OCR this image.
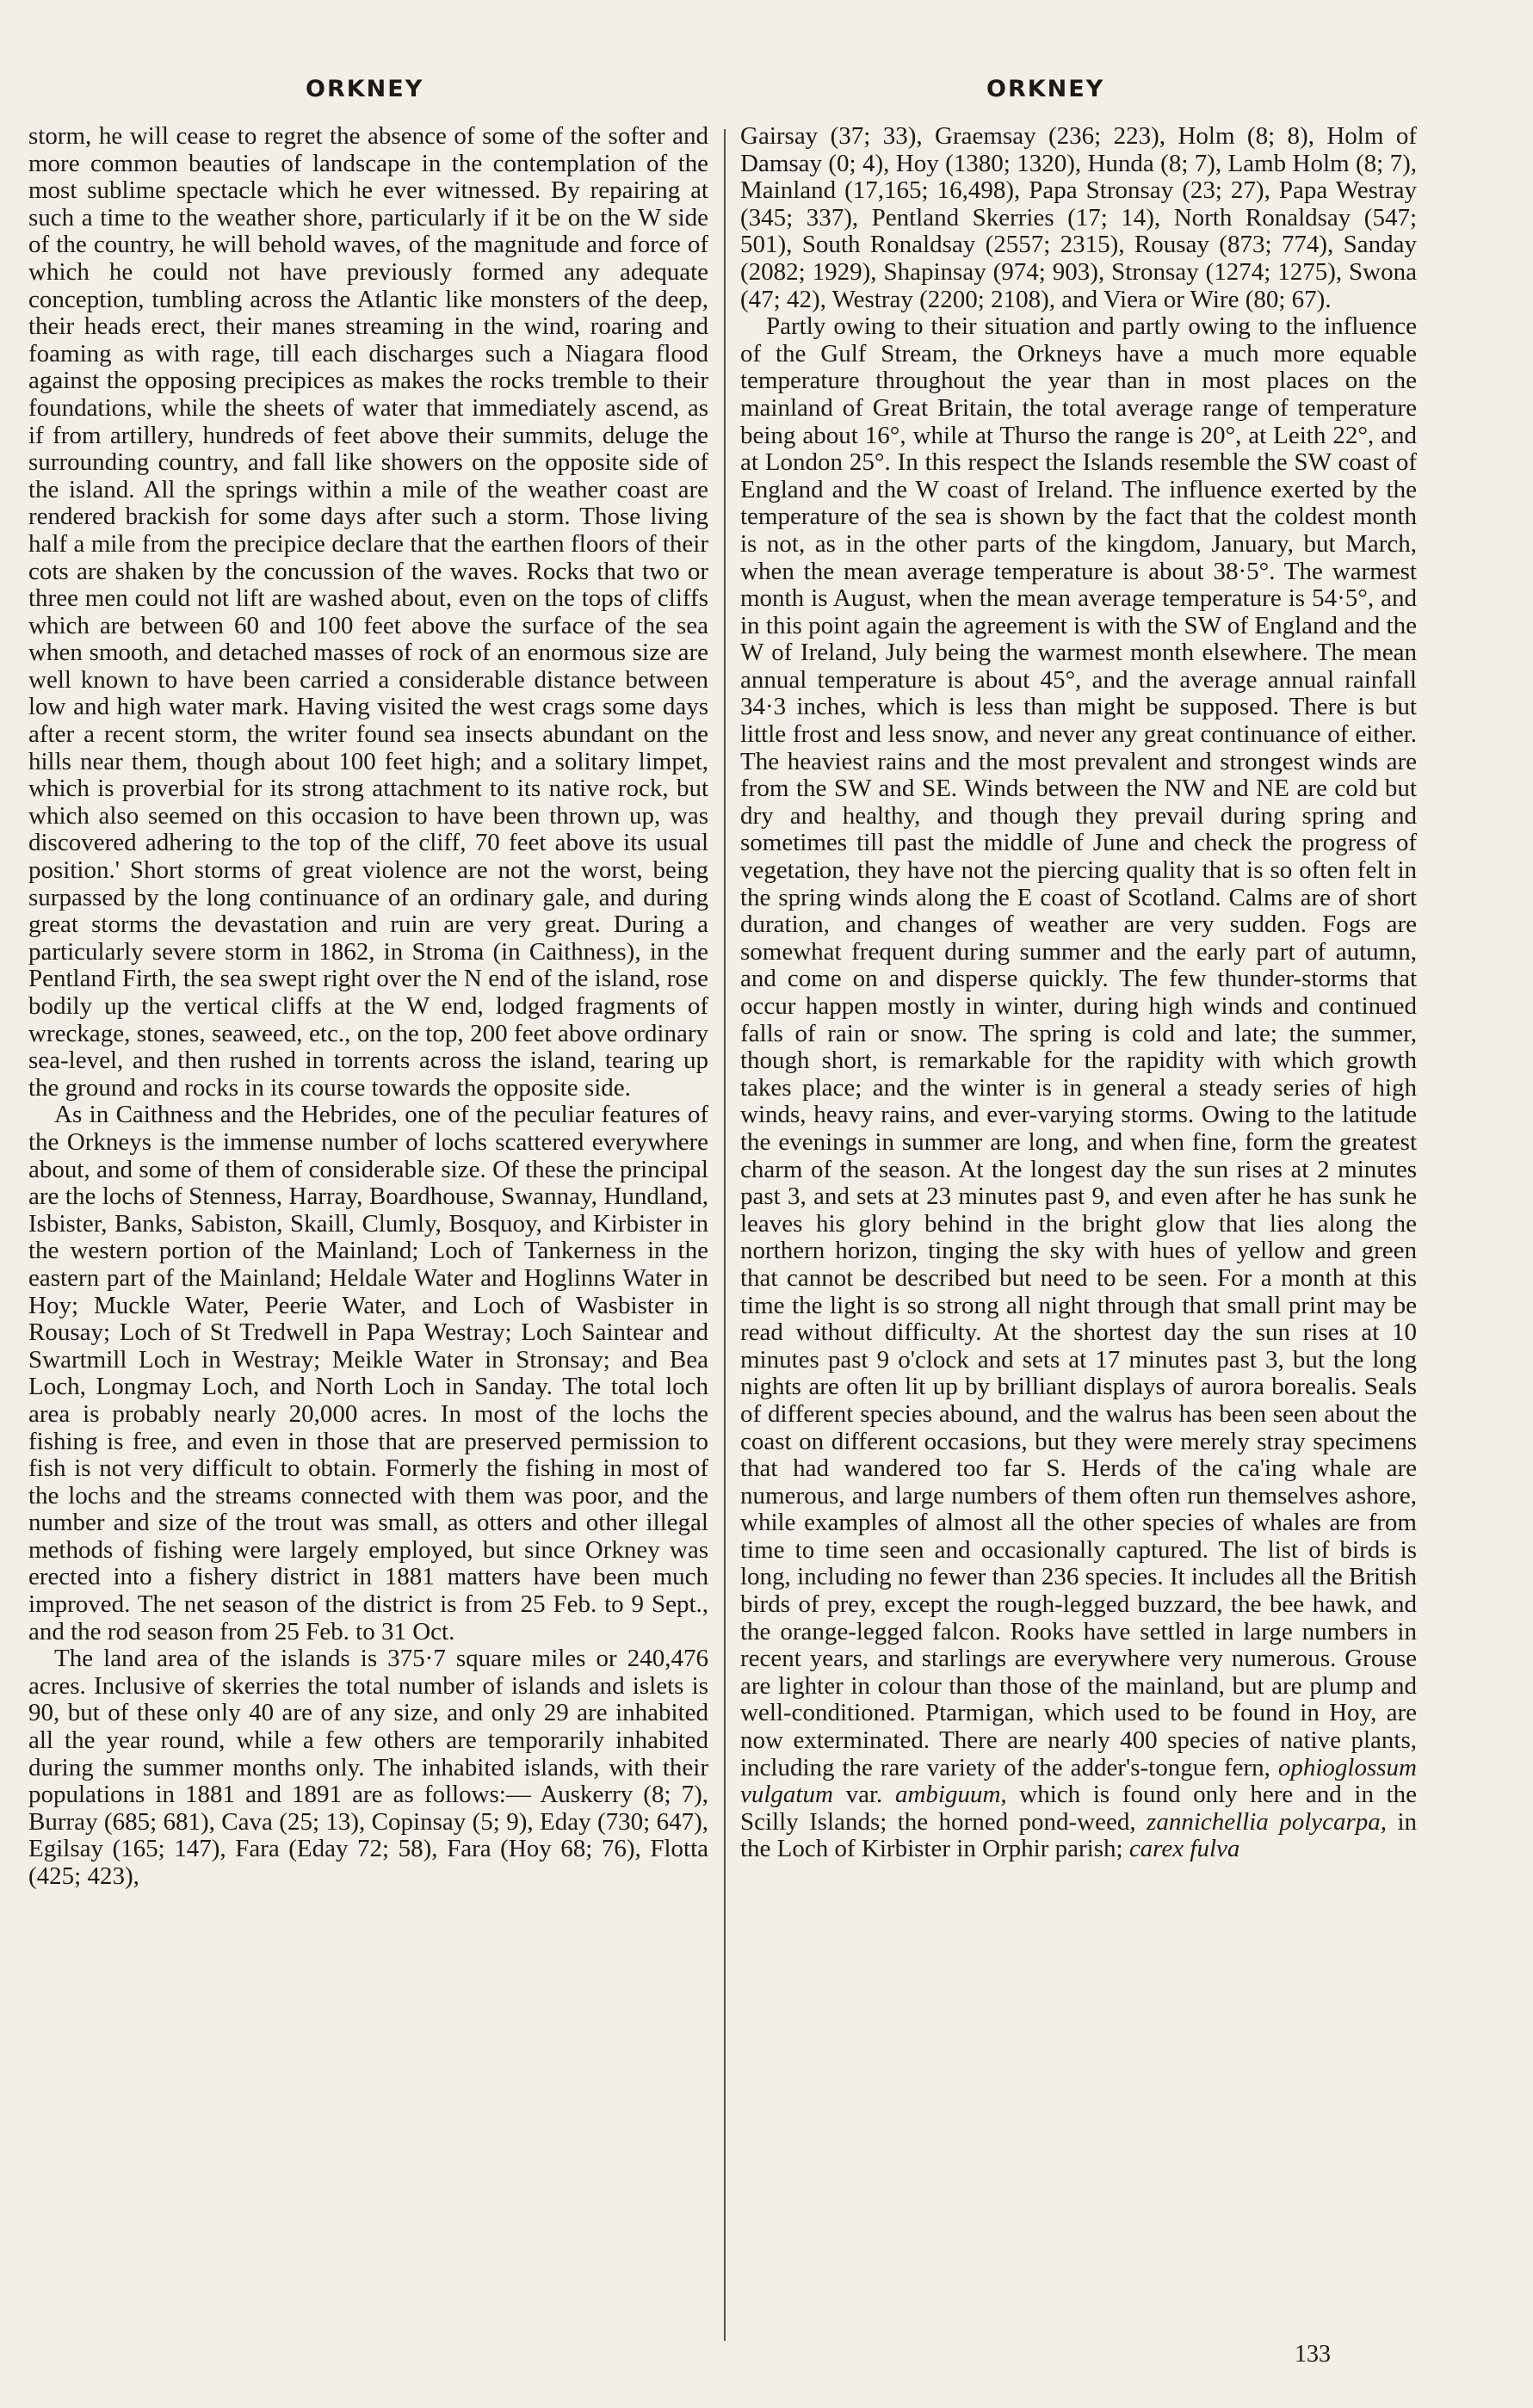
ORKNEY	ORKNEY

storm, he will cease to regret the absence of some of the softer and more common beauties of landscape in the contemplation of the most sublime spectacle which he ever witnessed. By repairing at such a time to the weather shore, particularly if it be on the W side of the country, he will behold waves, of the magnitude and force of which he could not have previously formed any adequate conception, tumbling across the Atlantic like monsters of the deep, their heads erect, their manes streaming in the wind, roaring and foaming as with rage, till each discharges such a Niagara flood against the opposing precipices as makes the rocks tremble to their foundations, while the sheets of water that immediately ascend, as if from artillery, hundreds of feet above their summits, deluge the surrounding country, and fall like showers on the opposite side of the island. All the springs within a mile of the weather coast are rendered brackish for some days after such a storm. Those living half a mile from the precipice declare that the earthen floors of their cots are shaken by the concussion of the waves. Rocks that two or three men could not lift are washed about, even on the tops of cliffs which are between 60 and 100 feet above the surface of the sea when smooth, and detached masses of rock of an enormous size are well known to have been carried a considerable distance between low and high water mark. Having visited the west crags some days after a recent storm, the writer found sea insects abundant on the hills near them, though about 100 feet high; and a solitary limpet, which is proverbial for its strong attachment to its native rock, but which also seemed on this occasion to have been thrown up, was discovered adhering to the top of the cliff, 70 feet above its usual position.' Short storms of great violence are not the worst, being surpassed by the long continuance of an ordinary gale, and during great storms the devastation and ruin are very great. During a particularly severe storm in 1862, in Stroma (in Caithness), in the Pentland Firth, the sea swept right over the N end of the island, rose bodily up the vertical cliffs at the W end, lodged fragments of wreckage, stones, seaweed, etc., on the top, 200 feet above ordinary sea-level, and then rushed in torrents across the island, tearing up the ground and rocks in its course towards the opposite side.

As in Caithness and the Hebrides, one of the peculiar features of the Orkneys is the immense number of lochs scattered everywhere about, and some of them of considerable size. Of these the principal are the lochs of Stenness, Harray, Boardhouse, Swannay, Hundland, Isbister, Banks, Sabiston, Skaill, Clumly, Bosquoy, and Kirbister in the western portion of the Mainland; Loch of Tankerness in the eastern part of the Mainland; Heldale Water and Hoglinns Water in Hoy; Muckle Water, Peerie Water, and Loch of Wasbister in Rousay; Loch of St Tredwell in Papa Westray; Loch Saintear and Swartmill Loch in Westray; Meikle Water in Stronsay; and Bea Loch, Longmay Loch, and North Loch in Sanday. The total loch area is probably nearly 20,000 acres. In most of the lochs the fishing is free, and even in those that are preserved permission to fish is not very difficult to obtain. Formerly the fishing in most of the lochs and the streams connected with them was poor, and the number and size of the trout was small, as otters and other illegal methods of fishing were largely employed, but since Orkney was erected into a fishery district in 1881 matters have been much improved. The net season of the district is from 25 Feb. to 9 Sept., and the rod season from 25 Feb. to 31 Oct.

The land area of the islands is 375·7 square miles or 240,476 acres. Inclusive of skerries the total number of islands and islets is 90, but of these only 40 are of any size, and only 29 are inhabited all the year round, while a few others are temporarily inhabited during the summer months only. The inhabited islands, with their populations in 1881 and 1891 are as follows:— Auskerry (8; 7), Burray (685; 681), Cava (25; 13), Copinsay (5; 9), Eday (730; 647), Egilsay (165; 147), Fara (Eday 72; 58), Fara (Hoy 68; 76), Flotta (425; 423),

Gairsay (37; 33), Graemsay (236; 223), Holm (8; 8), Holm of Damsay (0; 4), Hoy (1380; 1320), Hunda (8; 7), Lamb Holm (8; 7), Mainland (17,165; 16,498), Papa Stronsay (23; 27), Papa Westray (345; 337), Pentland Skerries (17; 14), North Ronaldsay (547; 501), South Ronaldsay (2557; 2315), Rousay (873; 774), Sanday (2082; 1929), Shapinsay (974; 903), Stronsay (1274; 1275), Swona (47; 42), Westray (2200; 2108), and Viera or Wire (80; 67).

Partly owing to their situation and partly owing to the influence of the Gulf Stream, the Orkneys have a much more equable temperature throughout the year than in most places on the mainland of Great Britain, the total average range of temperature being about 16°, while at Thurso the range is 20°, at Leith 22°, and at London 25°. In this respect the Islands resemble the SW coast of England and the W coast of Ireland. The influence exerted by the temperature of the sea is shown by the fact that the coldest month is not, as in the other parts of the kingdom, January, but March, when the mean average temperature is about 38·5°. The warmest month is August, when the mean average temperature is 54·5°, and in this point again the agreement is with the SW of England and the W of Ireland, July being the warmest month elsewhere. The mean annual temperature is about 45°, and the average annual rainfall 34·3 inches, which is less than might be supposed. There is but little frost and less snow, and never any great continuance of either. The heaviest rains and the most prevalent and strongest winds are from the SW and SE. Winds between the NW and NE are cold but dry and healthy, and though they prevail during spring and sometimes till past the middle of June and check the progress of vegetation, they have not the piercing quality that is so often felt in the spring winds along the E coast of Scotland. Calms are of short duration, and changes of weather are very sudden. Fogs are somewhat frequent during summer and the early part of autumn, and come on and disperse quickly. The few thunder-storms that occur happen mostly in winter, during high winds and continued falls of rain or snow. The spring is cold and late; the summer, though short, is remarkable for the rapidity with which growth takes place; and the winter is in general a steady series of high winds, heavy rains, and ever-varying storms. Owing to the latitude the evenings in summer are long, and when fine, form the greatest charm of the season. At the longest day the sun rises at 2 minutes past 3, and sets at 23 minutes past 9, and even after he has sunk he leaves his glory behind in the bright glow that lies along the northern horizon, tinging the sky with hues of yellow and green that cannot be described but need to be seen. For a month at this time the light is so strong all night through that small print may be read without difficulty. At the shortest day the sun rises at 10 minutes past 9 o'clock and sets at 17 minutes past 3, but the long nights are often lit up by brilliant displays of aurora borealis. Seals of different species abound, and the walrus has been seen about the coast on different occasions, but they were merely stray specimens that had wandered too far S. Herds of the ca'ing whale are numerous, and large numbers of them often run themselves ashore, while examples of almost all the other species of whales are from time to time seen and occasionally captured. The list of birds is long, including no fewer than 236 species. It includes all the British birds of prey, except the rough-legged buzzard, the bee hawk, and the orange-legged falcon. Rooks have settled in large numbers in recent years, and starlings are everywhere very numerous. Grouse are lighter in colour than those of the mainland, but are plump and well-conditioned. Ptarmigan, which used to be found in Hoy, are now exterminated. There are nearly 400 species of native plants, including the rare variety of the adder's-tongue fern, ophioglossum vulgatum var. ambiguum, which is found only here and in the Scilly Islands; the horned pond-weed, zannichellia polycarpa, in the Loch of Kirbister in Orphir parish; carex fulva

133
